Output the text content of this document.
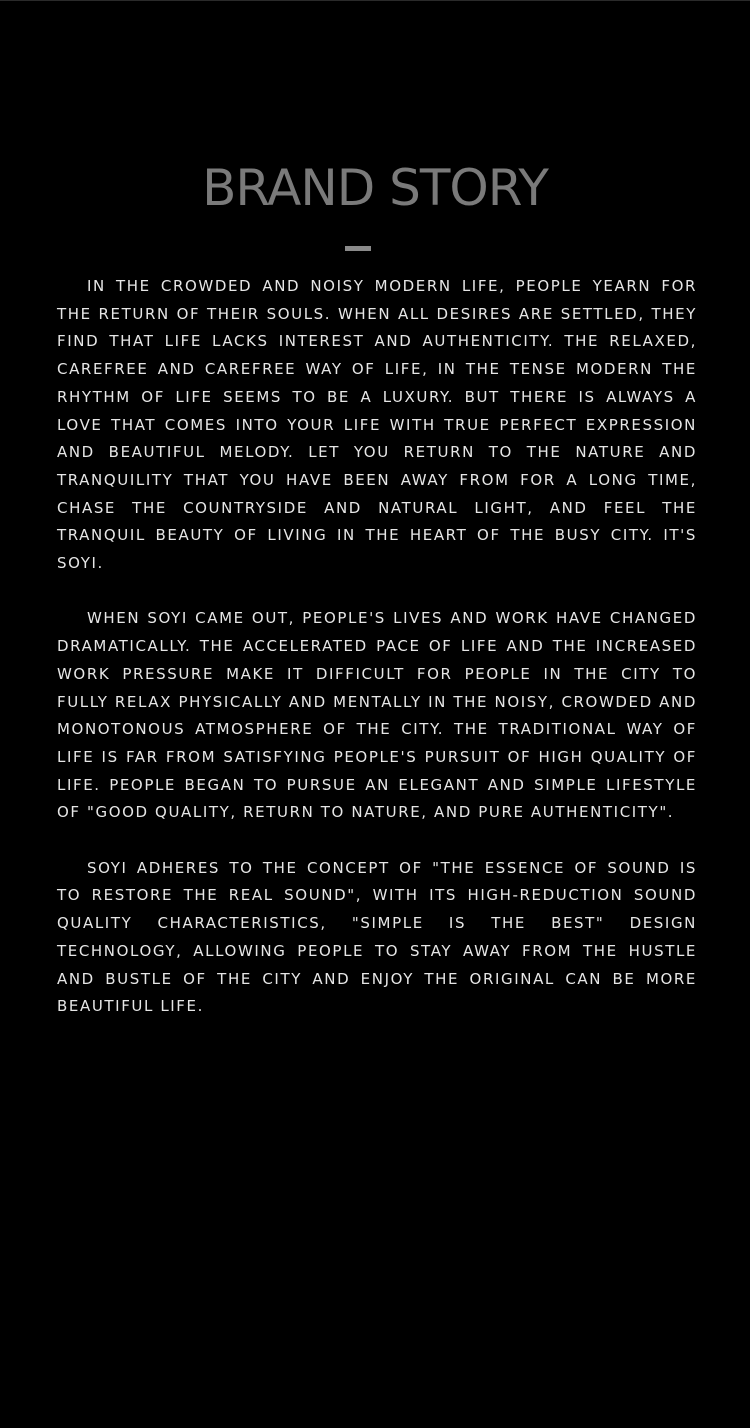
BRAND STORY

IN THE CROWDED AND NOISY MODERN LIFE, PEOPLE YEARN FOR THE RETURN OF THEIR SOULS. WHEN ALL DESIRES ARE SETTLED, THEY FIND THAT LIFE LACKS INTEREST AND AUTHENTICITY. THE RELAXED, CAREFREE AND CAREFREE WAY OF LIFE, IN THE TENSE MODERN THE RHYTHM OF LIFE SEEMS TO BE A LUXURY. BUT THERE IS ALWAYS A LOVE THAT COMES INTO YOUR LIFE WITH TRUE PERFECT EXPRESSION AND BEAUTIFUL MELODY. LET YOU RETURN TO THE NATURE AND TRANQUILITY THAT YOU HAVE BEEN AWAY FROM FOR A LONG TIME, CHASE THE COUNTRYSIDE AND NATURAL LIGHT, AND FEEL THE TRANQUIL BEAUTY OF LIVING IN THE HEART OF THE BUSY CITY. IT'S SOYI.

WHEN SOYI CAME OUT, PEOPLE'S LIVES AND WORK HAVE CHANGED DRAMATICALLY. THE ACCELERATED PACE OF LIFE AND THE INCREASED WORK PRESSURE MAKE IT DIFFICULT FOR PEOPLE IN THE CITY TO FULLY RELAX PHYSICALLY AND MENTALLY IN THE NOISY, CROWDED AND MONOTONOUS ATMOSPHERE OF THE CITY. THE TRADITIONAL WAY OF LIFE IS FAR FROM SATISFYING PEOPLE'S PURSUIT OF HIGH QUALITY OF LIFE. PEOPLE BEGAN TO PURSUE AN ELEGANT AND SIMPLE LIFESTYLE OF "GOOD QUALITY, RETURN TO NATURE, AND PURE AUTHENTICITY".

SOYI ADHERES TO THE CONCEPT OF "THE ESSENCE OF SOUND IS TO RESTORE THE REAL SOUND", WITH ITS HIGH-REDUCTION SOUND QUALITY CHARACTERISTICS, "SIMPLE IS THE BEST" DESIGN TECHNOLOGY, ALLOWING PEOPLE TO STAY AWAY FROM THE HUSTLE AND BUSTLE OF THE CITY AND ENJOY THE ORIGINAL CAN BE MORE BEAUTIFUL LIFE.
